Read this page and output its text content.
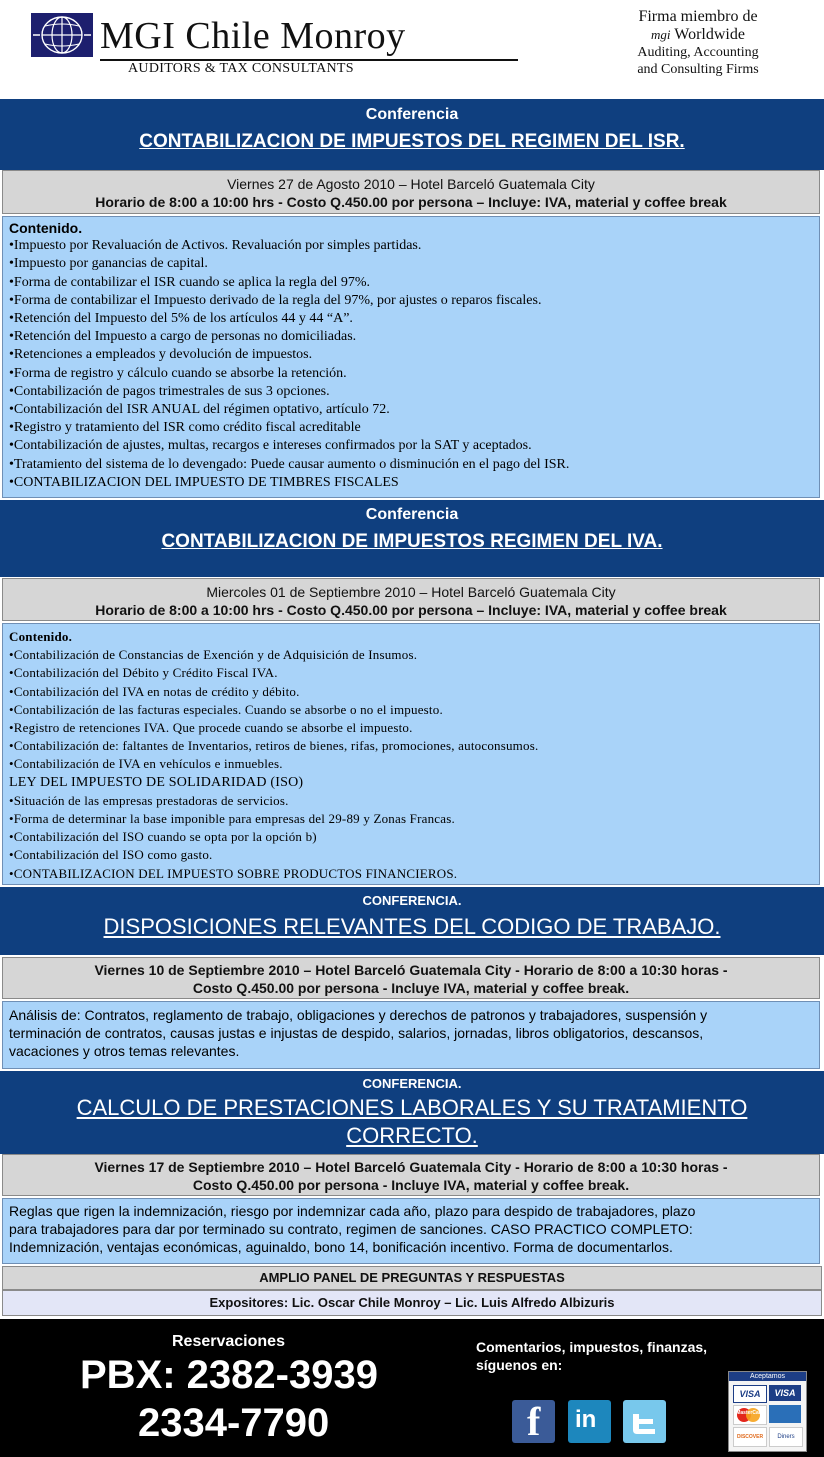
MGI Chile Monroy
AUDITORS & TAX CONSULTANTS
Firma miembro de
$^{mgi}$ Worldwide
Auditing, Accounting
and Consulting Firms
Conferencia
CONTABILIZACION DE IMPUESTOS DEL REGIMEN DEL ISR.
Viernes 27 de Agosto 2010 – Hotel Barceló Guatemala City
Horario de 8:00 a 10:00 hrs - Costo Q.450.00 por persona – Incluye: IVA, material y coffee break
Contenido.
•Impuesto por Revaluación de Activos. Revaluación por simples partidas.
•Impuesto por ganancias de capital.
•Forma de contabilizar el ISR cuando se aplica la regla del 97%.
•Forma de contabilizar el Impuesto derivado de la regla del 97%, por ajustes o reparos fiscales.
•Retención del Impuesto del 5% de los artículos 44 y 44 “A”.
•Retención del Impuesto a cargo de personas no domiciliadas.
•Retenciones a empleados y devolución de impuestos.
•Forma de registro y cálculo cuando se absorbe la retención.
•Contabilización de pagos trimestrales de sus 3 opciones.
•Contabilización del ISR ANUAL del régimen optativo, artículo 72.
•Registro y tratamiento del ISR como crédito fiscal acreditable
•Contabilización de ajustes, multas, recargos e intereses confirmados por la SAT y aceptados.
•Tratamiento del sistema de lo devengado: Puede causar aumento o disminución en el pago del ISR.
•CONTABILIZACION DEL IMPUESTO DE TIMBRES FISCALES
Conferencia
CONTABILIZACION DE IMPUESTOS REGIMEN DEL IVA.
Miercoles 01 de Septiembre 2010 – Hotel Barceló Guatemala City
Horario de 8:00 a 10:00 hrs - Costo Q.450.00 por persona – Incluye: IVA, material y coffee break
Contenido.
•Contabilización de Constancias de Exención y de Adquisición de Insumos.
•Contabilización del Débito y Crédito Fiscal IVA.
•Contabilización del IVA en notas de crédito y débito.
•Contabilización de las facturas especiales. Cuando se absorbe o no el impuesto.
•Registro de retenciones IVA. Que procede cuando se absorbe el impuesto.
•Contabilización de: faltantes de Inventarios, retiros de bienes, rifas, promociones, autoconsumos.
•Contabilización de IVA en vehículos e inmuebles.
LEY DEL IMPUESTO DE SOLIDARIDAD (ISO)
•Situación de las empresas prestadoras de servicios.
•Forma de determinar la base imponible para empresas del 29-89 y Zonas Francas.
•Contabilización del ISO cuando se opta por la opción b)
•Contabilización del ISO como gasto.
•CONTABILIZACION DEL IMPUESTO SOBRE PRODUCTOS FINANCIEROS.
CONFERENCIA.
DISPOSICIONES RELEVANTES DEL CODIGO DE TRABAJO.
Viernes 10 de Septiembre 2010 – Hotel Barceló Guatemala City - Horario de 8:00 a 10:30 horas -
Costo Q.450.00 por persona - Incluye IVA, material y coffee break.
Análisis de: Contratos, reglamento de trabajo, obligaciones y derechos de patronos y trabajadores, suspensión y
terminación de contratos, causas justas e injustas de despido, salarios, jornadas, libros obligatorios, descansos,
vacaciones y otros temas relevantes.
CONFERENCIA.
CALCULO DE PRESTACIONES LABORALES Y SU TRATAMIENTO
CORRECTO.
Viernes 17 de Septiembre 2010 – Hotel Barceló Guatemala City - Horario de 8:00 a 10:30 horas -
Costo Q.450.00 por persona - Incluye IVA, material y coffee break.
Reglas que rigen la indemnización, riesgo por indemnizar cada año, plazo para despido de trabajadores, plazo
para trabajadores para dar por terminado su contrato, regimen de sanciones. CASO PRACTICO COMPLETO:
Indemnización, ventajas económicas, aguinaldo, bono 14, bonificación incentivo. Forma de documentarlos.
AMPLIO PANEL DE PREGUNTAS Y RESPUESTAS
Expositores: Lic. Oscar Chile Monroy – Lic. Luis Alfredo Albizuris
Reservaciones
PBX: 2382-3939
2334-7790
Comentarios, impuestos, finanzas,
síguenos en:
f in
Aceptamos
VISA	VISA
MasterCard
DISCOVER	Diners
